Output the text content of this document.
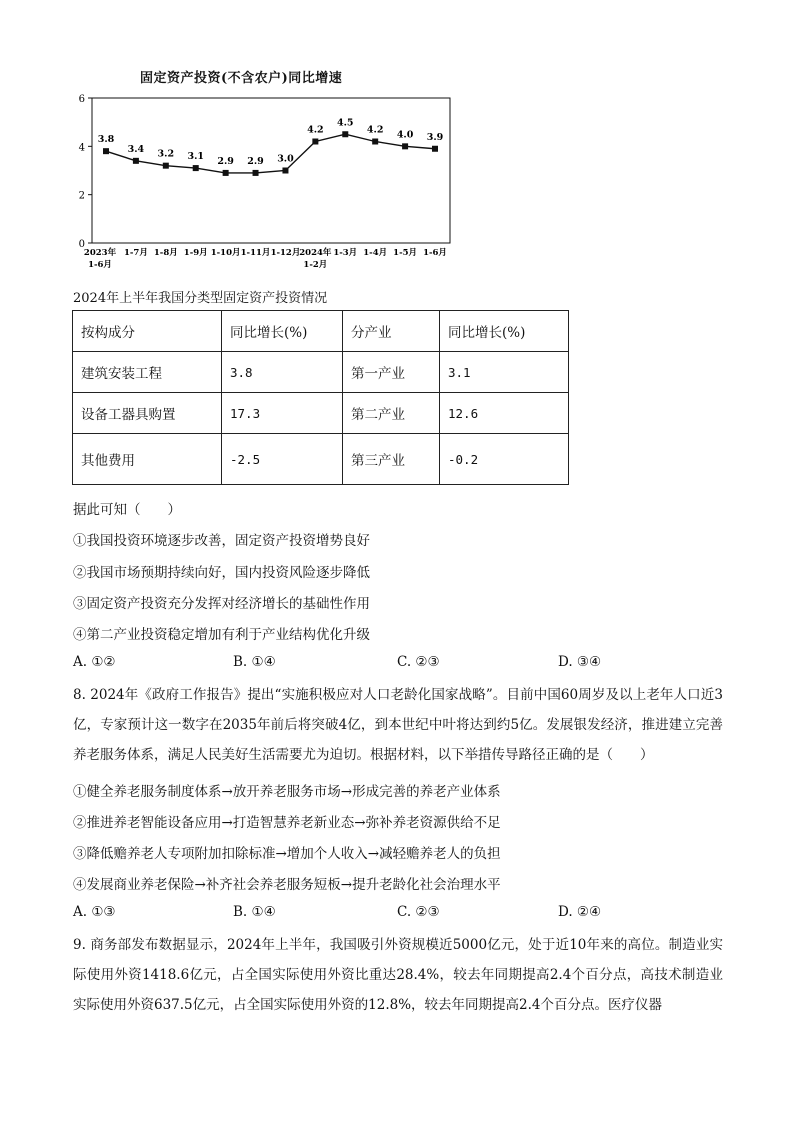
固定资产投资(不含农户)同比增速
0
2
4
6
3.8
3.4 3.2 3.1 2.9 2.9 3.0
4.2
4.5
4.2 4.0 3.9
2023年
1-6月
1-7月 1-8月 1-9月 1-10月 1-11月 1-12月
2024年
1-2月
1-3月 1-4月 1-5月 1-6月
2024年上半年我国分类型固定资产投资情况
按构成分	同比增长(%)	分产业	同比增长(%)
建筑安装工程	3.8	第一产业	3.1
设备工器具购置	17.3	第二产业	12.6
其他费用	-2.5	第三产业	-0.2
据此可知（　　）
①我国投资环境逐步改善，固定资产投资增势良好
②我国市场预期持续向好，国内投资风险逐步降低
③固定资产投资充分发挥对经济增长的基础性作用
④第二产业投资稳定增加有利于产业结构优化升级
A. ①②	B. ①④	C. ②③	D. ③④
8. 2024年《政府工作报告》提出“实施积极应对人口老龄化国家战略”。目前中国60周岁及以上老年人口近3亿，专家预计这一数字在2035年前后将突破4亿，到本世纪中叶将达到约5亿。发展银发经济，推进建立完善养老服务体系，满足人民美好生活需要尤为迫切。根据材料，以下举措传导路径正确的是（　　）
①健全养老服务制度体系→放开养老服务市场→形成完善的养老产业体系
②推进养老智能设备应用→打造智慧养老新业态→弥补养老资源供给不足
③降低赡养老人专项附加扣除标准→增加个人收入→减轻赡养老人的负担
④发展商业养老保险→补齐社会养老服务短板→提升老龄化社会治理水平
A. ①③	B. ①④	C. ②③	D. ②④
9. 商务部发布数据显示，2024年上半年，我国吸引外资规模近5000亿元，处于近10年来的高位。制造业实际使用外资1418.6亿元，占全国实际使用外资比重达28.4%，较去年同期提高2.4个百分点，高技术制造业实际使用外资637.5亿元，占全国实际使用外资的12.8%，较去年同期提高2.4个百分点。医疗仪器
